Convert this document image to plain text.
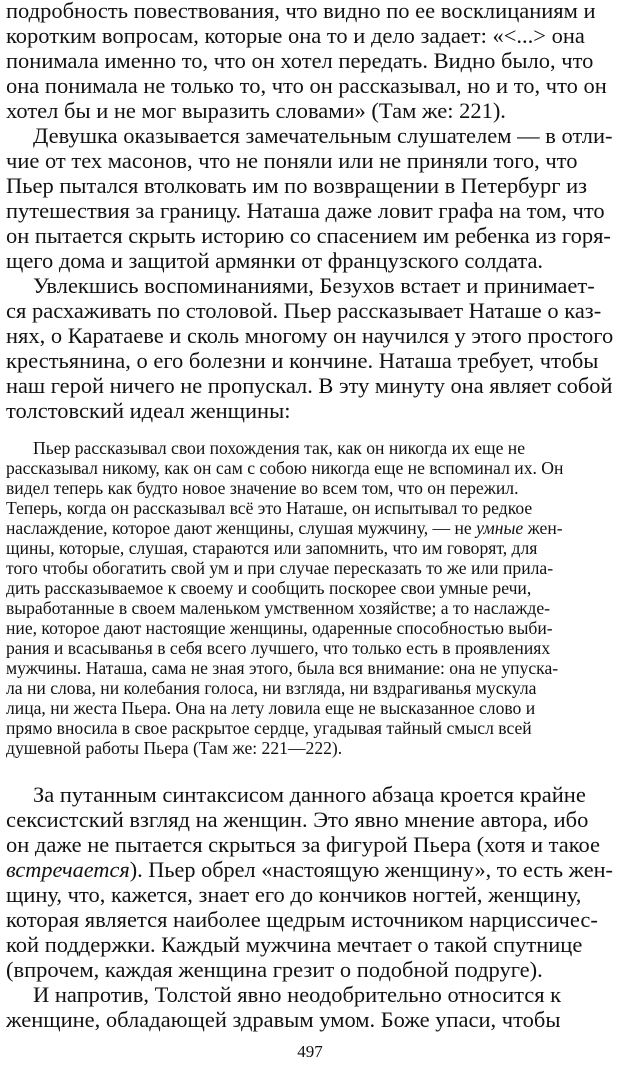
подробность повествования, что видно по ее восклицаниям и
коротким вопросам, которые она то и дело задает: «<...> она
понимала именно то, что он хотел передать. Видно было, что
она понимала не только то, что он рассказывал, но и то, что он
хотел бы и не мог выразить словами» (Там же: 221).
Девушка оказывается замечательным слушателем — в отли-
чие от тех масонов, что не поняли или не приняли того, что
Пьер пытался втолковать им по возвращении в Петербург из
путешествия за границу. Наташа даже ловит графа на том, что
он пытается скрыть историю со спасением им ребенка из горя-
щего дома и защитой армянки от французского солдата.
Увлекшись воспоминаниями, Безухов встает и принимает-
ся расхаживать по столовой. Пьер рассказывает Наташе о каз-
нях, о Каратаеве и сколь многому он научился у этого простого
крестьянина, о его болезни и кончине. Наташа требует, чтобы
наш герой ничего не пропускал. В эту минуту она являет собой
толстовский идеал женщины:
Пьер рассказывал свои похождения так, как он никогда их еще не
рассказывал никому, как он сам с собою никогда еще не вспоминал их. Он
видел теперь как будто новое значение во всем том, что он пережил.
Теперь, когда он рассказывал всё это Наташе, он испытывал то редкое
наслаждение, которое дают женщины, слушая мужчину, — не умные жен-
щины, которые, слушая, стараются или запомнить, что им говорят, для
того чтобы обогатить свой ум и при случае пересказать то же или прила-
дить рассказываемое к своему и сообщить поскорее свои умные речи,
выработанные в своем маленьком умственном хозяйстве; а то наслажде-
ние, которое дают настоящие женщины, одаренные способностью выби-
рания и всасыванья в себя всего лучшего, что только есть в проявлениях
мужчины. Наташа, сама не зная этого, была вся внимание: она не упуска-
ла ни слова, ни колебания голоса, ни взгляда, ни вздрагиванья мускула
лица, ни жеста Пьера. Она на лету ловила еще не высказанное слово и
прямо вносила в свое раскрытое сердце, угадывая тайный смысл всей
душевной работы Пьера (Там же: 221—222).
За путанным синтаксисом данного абзаца кроется крайне
сексистский взгляд на женщин. Это явно мнение автора, ибо
он даже не пытается скрыться за фигурой Пьера (хотя и такое
встречается). Пьер обрел «настоящую женщину», то есть жен-
щину, что, кажется, знает его до кончиков ногтей, женщину,
которая является наиболее щедрым источником нарциссичес-
кой поддержки. Каждый мужчина мечтает о такой спутнице
(впрочем, каждая женщина грезит о подобной подруге).
И напротив, Толстой явно неодобрительно относится к
женщине, обладающей здравым умом. Боже упаси, чтобы
497
